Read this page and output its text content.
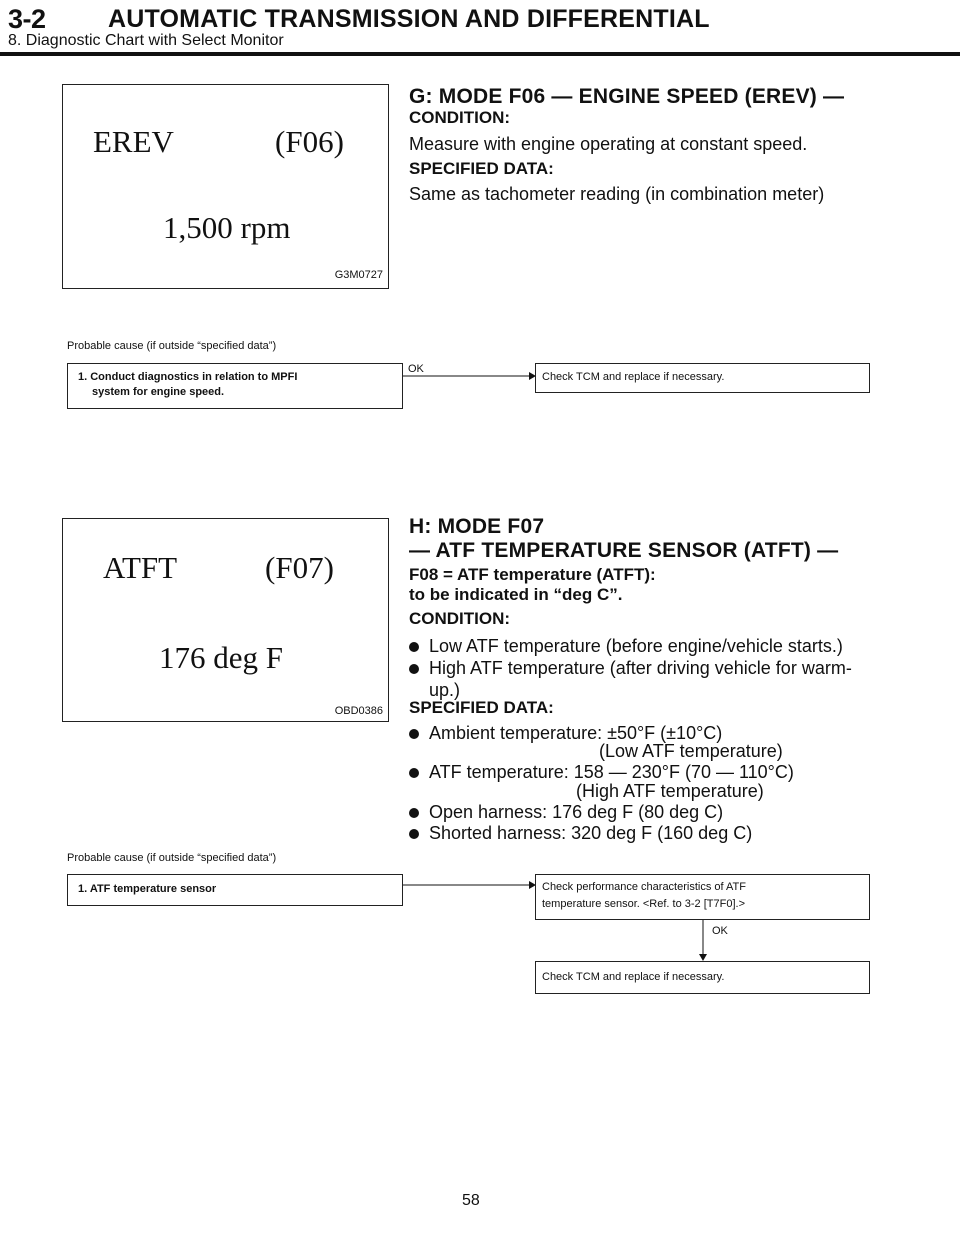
3-2 AUTOMATIC TRANSMISSION AND DIFFERENTIAL
8. Diagnostic Chart with Select Monitor
EREV	(F06)
1,500 rpm
G3M0727
G: MODE F06 — ENGINE SPEED (EREV) —
CONDITION:
Measure with engine operating at constant speed.
SPECIFIED DATA:
Same as tachometer reading (in combination meter)
Probable cause (if outside “specified data”)
1. Conduct diagnostics in relation to MPFI
system for engine speed.
OK
Check TCM and replace if necessary.
ATFT	(F07)
176 deg F
OBD0386
H: MODE F07
— ATF TEMPERATURE SENSOR (ATFT) —
F08 = ATF temperature (ATFT):
to be indicated in “deg C”.
CONDITION:
Low ATF temperature (before engine/vehicle starts.)
High ATF temperature (after driving vehicle for warm-
up.)
SPECIFIED DATA:
Ambient temperature: ±50°F (±10°C)
(Low ATF temperature)
ATF temperature: 158 — 230°F (70 — 110°C)
(High ATF temperature)
Open harness: 176 deg F (80 deg C)
Shorted harness: 320 deg F (160 deg C)
Probable cause (if outside “specified data”)
1. ATF temperature sensor	Check performance characteristics of ATF
temperature sensor. <Ref. to 3-2 [T7F0].>
OK
Check TCM and replace if necessary.
58
